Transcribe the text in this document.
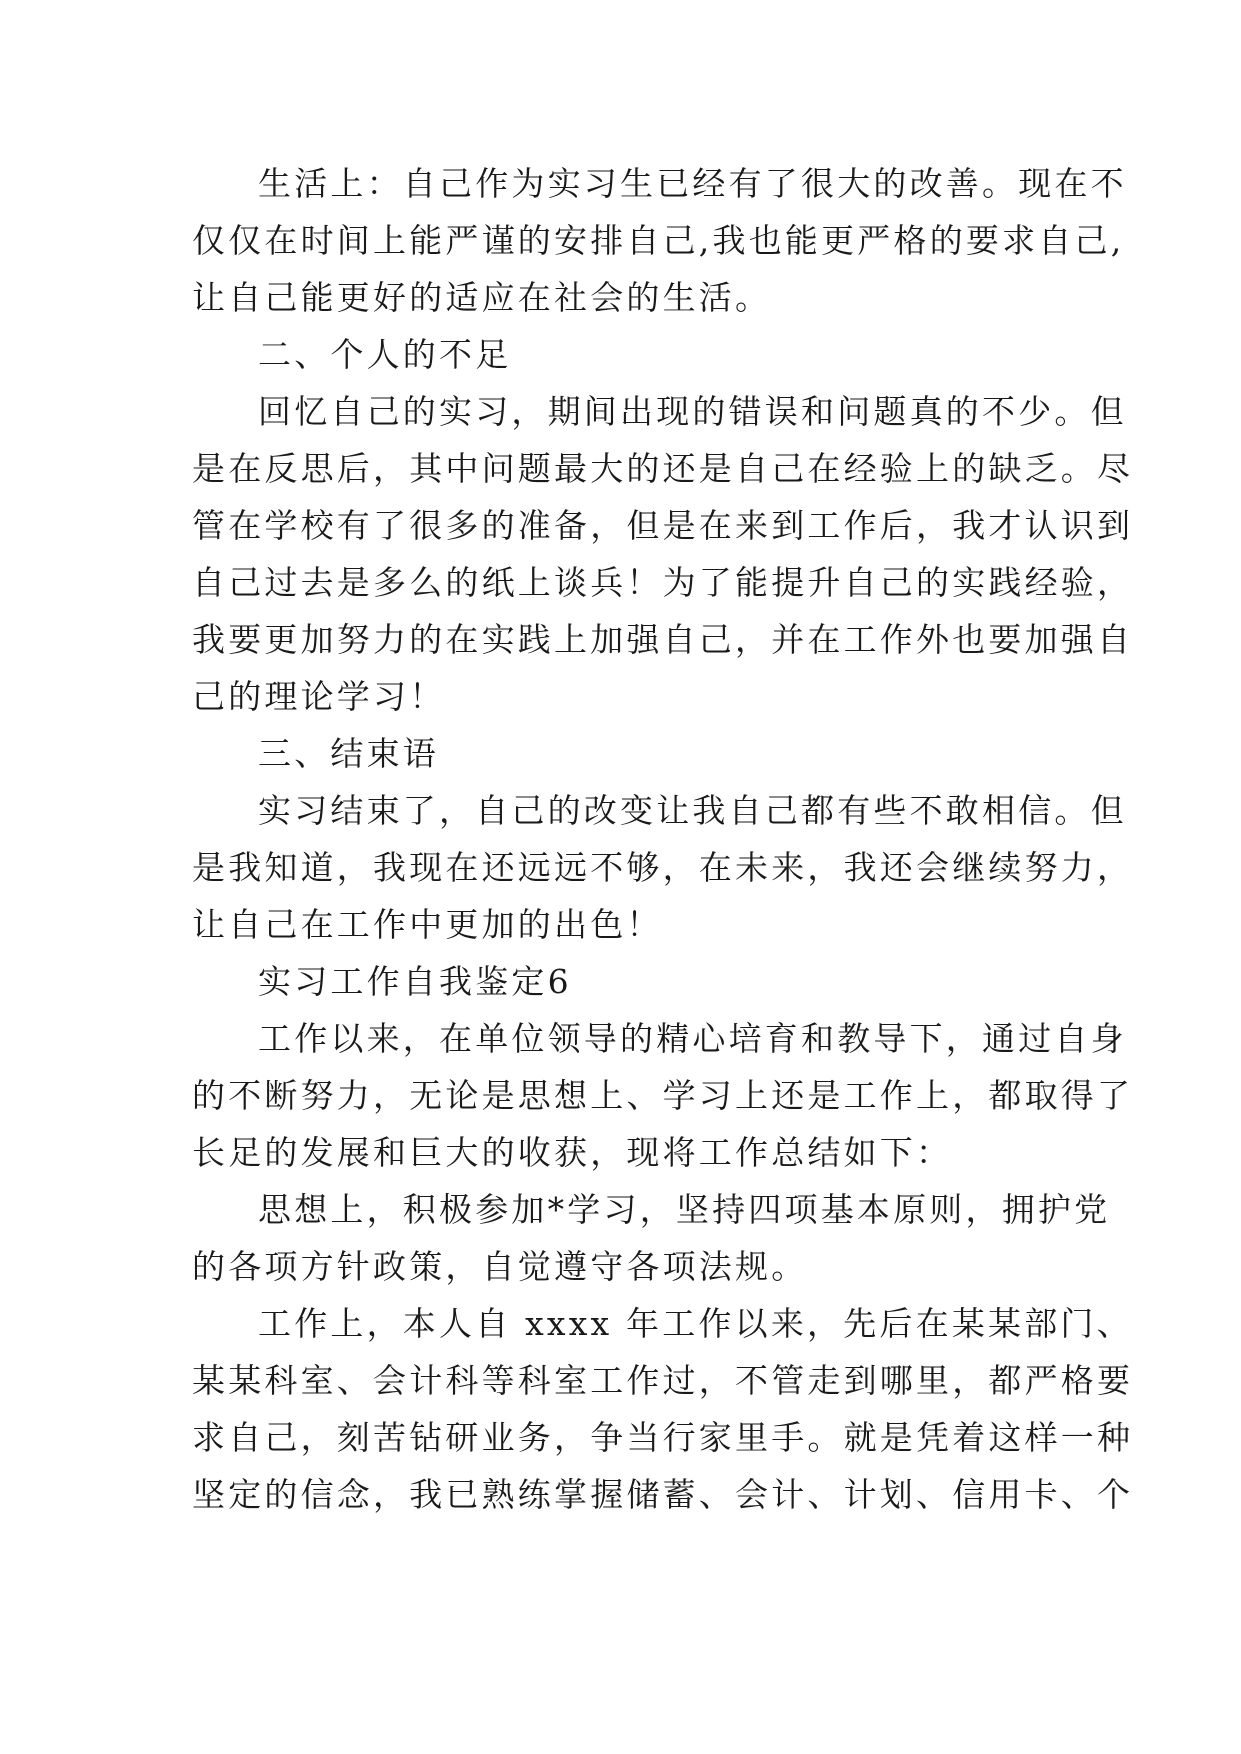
生活上：自己作为实习生已经有了很大的改善。现在不
仅仅在时间上能严谨的安排自己,我也能更严格的要求自己,
让自己能更好的适应在社会的生活。

二、个人的不足

回忆自己的实习，期间出现的错误和问题真的不少。但
是在反思后，其中问题最大的还是自己在经验上的缺乏。尽
管在学校有了很多的准备，但是在来到工作后，我才认识到
自己过去是多么的纸上谈兵！为了能提升自己的实践经验，
我要更加努力的在实践上加强自己，并在工作外也要加强自
己的理论学习！

三、结束语

实习结束了，自己的改变让我自己都有些不敢相信。但
是我知道，我现在还远远不够，在未来，我还会继续努力，
让自己在工作中更加的出色！

实习工作自我鉴定6

工作以来，在单位领导的精心培育和教导下，通过自身
的不断努力，无论是思想上、学习上还是工作上，都取得了
长足的发展和巨大的收获，现将工作总结如下：

思想上，积极参加*学习，坚持四项基本原则，拥护党
的各项方针政策，自觉遵守各项法规。

工作上，本人自 xxxx 年工作以来，先后在某某部门、
某某科室、会计科等科室工作过，不管走到哪里，都严格要
求自己，刻苦钻研业务，争当行家里手。就是凭着这样一种
坚定的信念，我已熟练掌握储蓄、会计、计划、信用卡、个
